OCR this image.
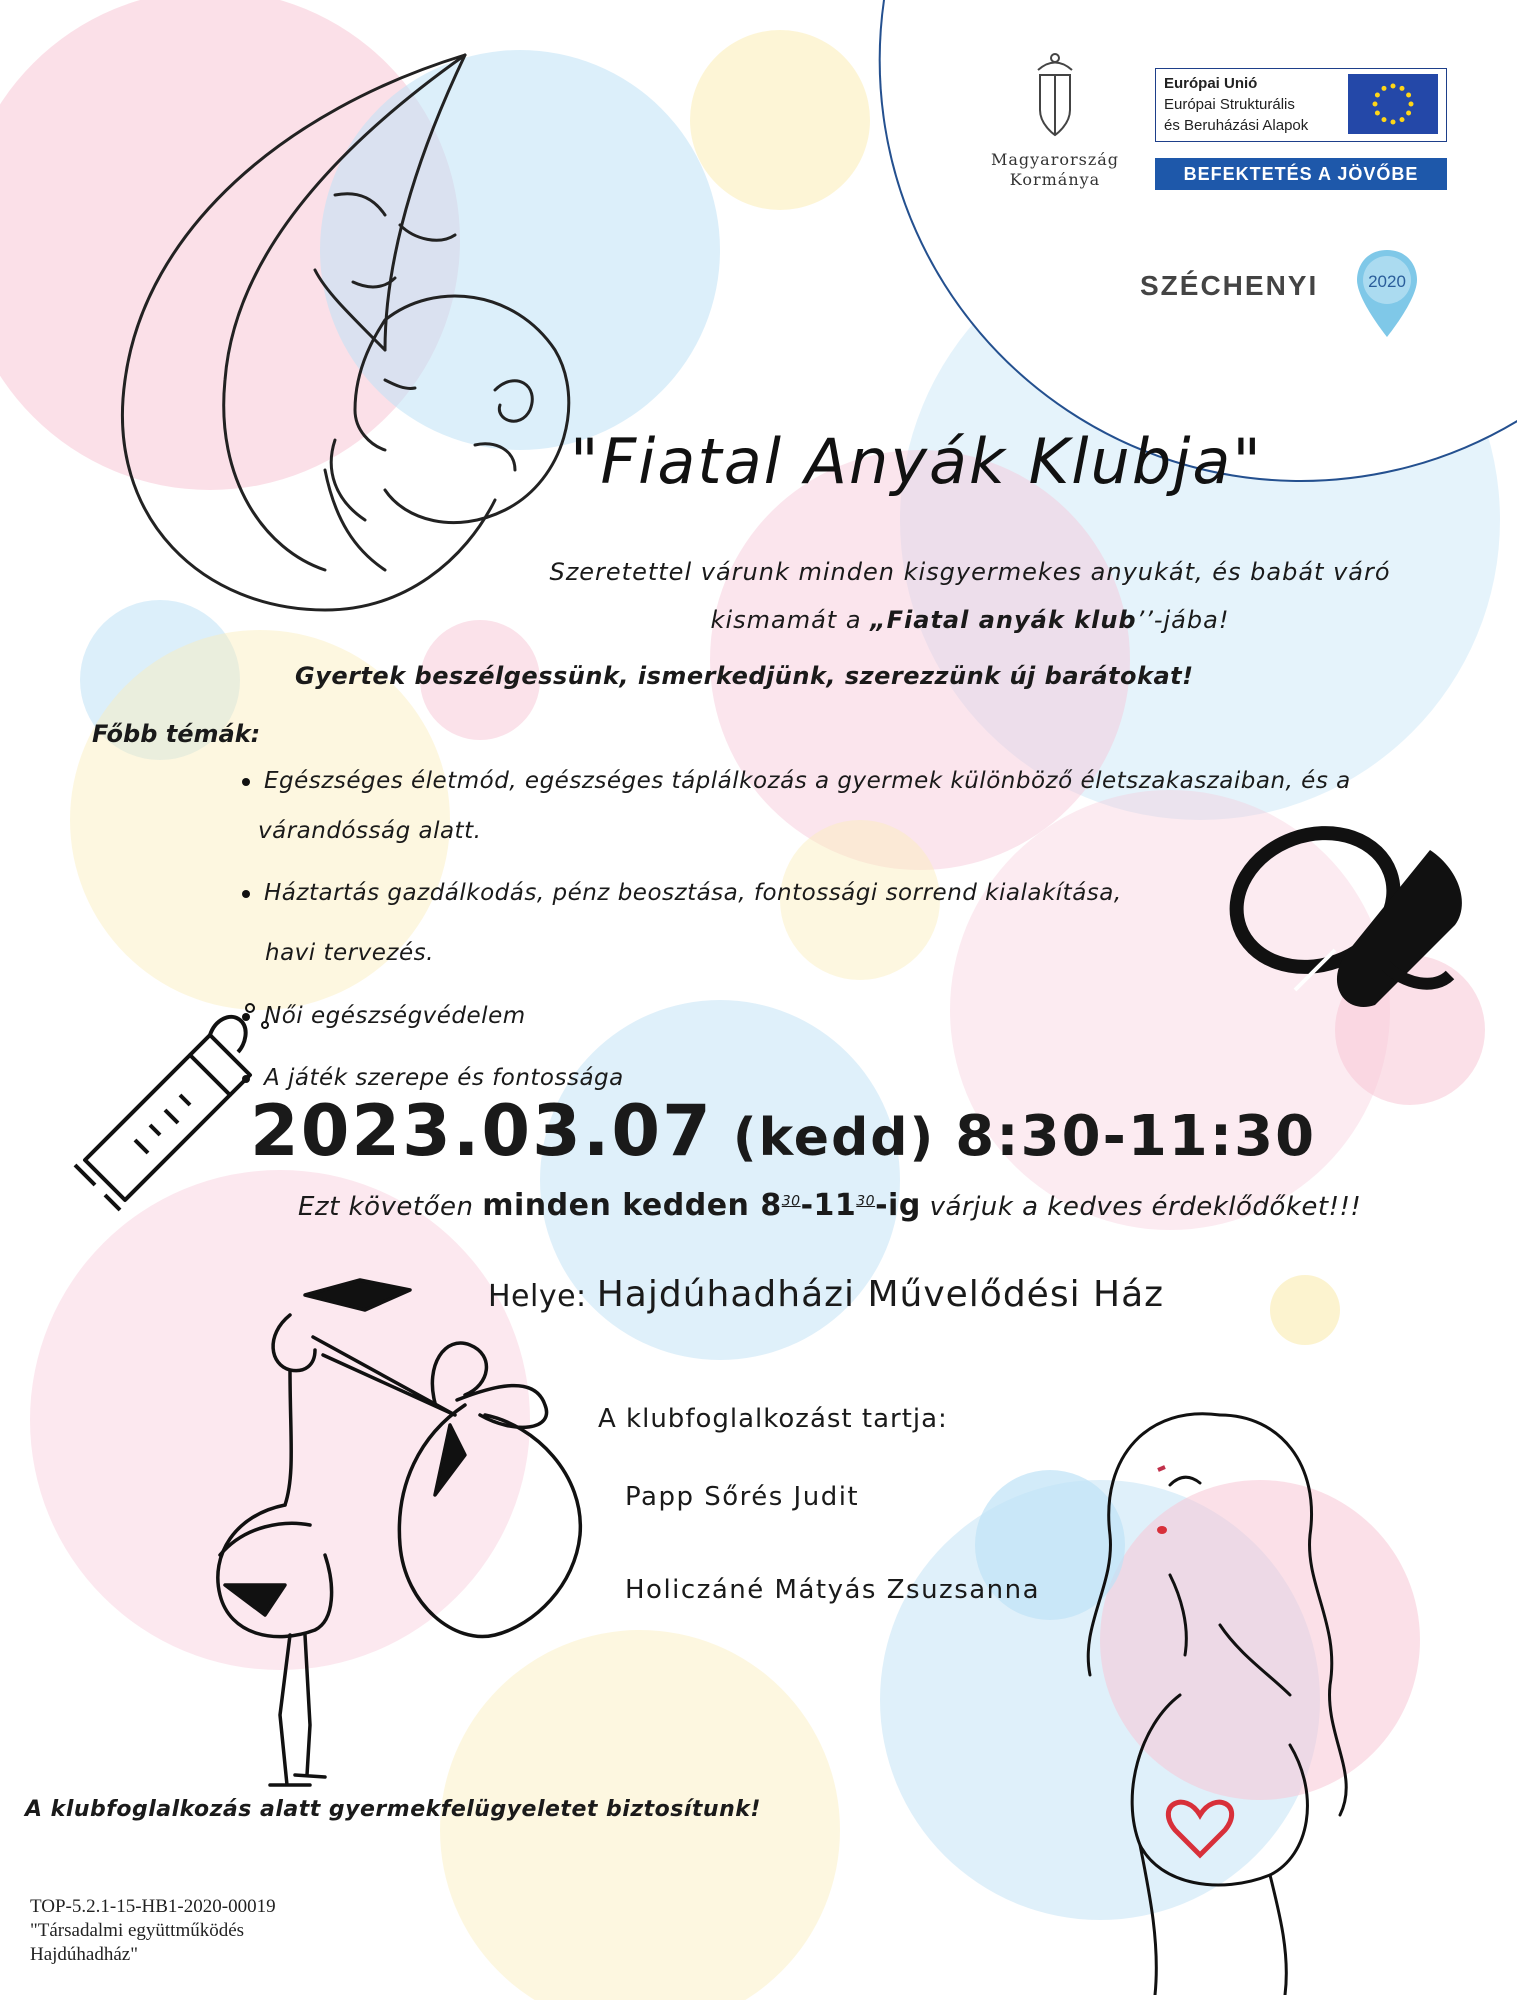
Magyarország
Kormánya
Európai Unió
Európai Strukturális
és Beruházási Alapok
BEFEKTETÉS A JÖVŐBE
SZÉCHENYI	2020
"Fiatal Anyák Klubja"
Szeretettel várunk minden kisgyermekes anyukát, és babát váró
kismamát a „Fiatal anyák klub’’-jába!
Gyertek beszélgessünk, ismerkedjünk, szerezzünk új barátokat!
Főbb témák:
Egészséges életmód, egészséges táplálkozás a gyermek különböző életszakaszaiban, és a
várandósság alatt.
Háztartás gazdálkodás, pénz beosztása, fontossági sorrend kialakítása,
havi tervezés.
Női egészségvédelem
A játék szerepe és fontossága
2023.03.07 (kedd) 8:30-11:30
Ezt követően minden kedden $8^{30}-11^{30}-ig$ várjuk a kedves érdeklődőket!!!
Helye: Hajdúhadházi Művelődési Ház
A klubfoglalkozást tartja:
Papp Sőrés Judit
Holiczáné Mátyás Zsuzsanna
A klubfoglalkozás alatt gyermekfelügyeletet biztosítunk!
TOP-5.2.1-15-HB1-2020-00019
"Társadalmi együttműködés
Hajdúhadház"
